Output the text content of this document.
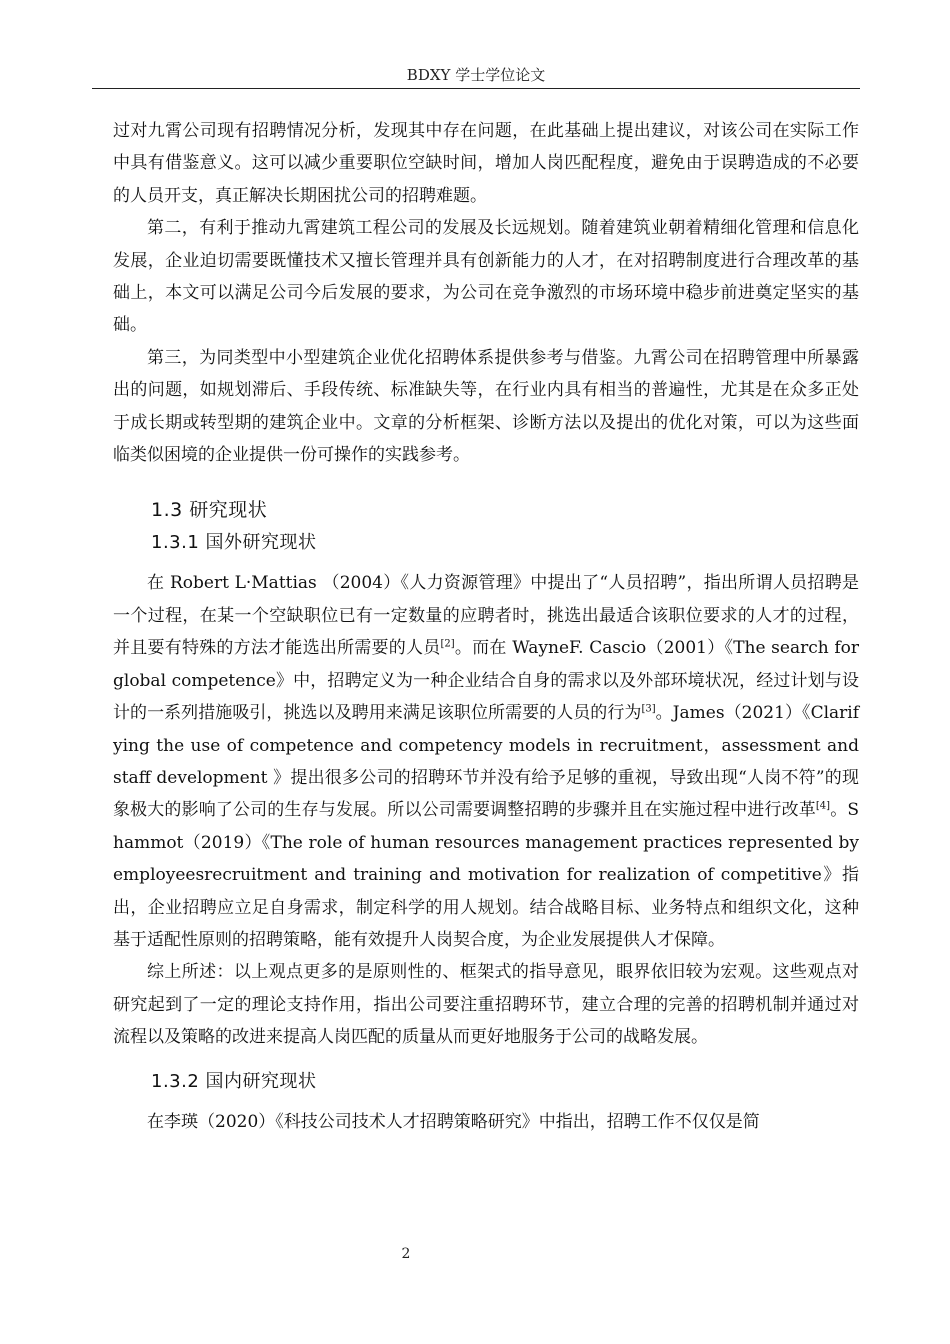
BDXY 学士学位论文

过对九霄公司现有招聘情况分析，发现其中存在问题，在此基础上提出建议，对该公司在实际工作中具有借鉴意义。这可以减少重要职位空缺时间，增加人岗匹配程度，避免由于误聘造成的不必要的人员开支，真正解决长期困扰公司的招聘难题。

第二，有利于推动九霄建筑工程公司的发展及长远规划。随着建筑业朝着精细化管理和信息化发展，企业迫切需要既懂技术又擅长管理并具有创新能力的人才，在对招聘制度进行合理改革的基础上，本文可以满足公司今后发展的要求，为公司在竞争激烈的市场环境中稳步前进奠定坚实的基础。

第三，为同类型中小型建筑企业优化招聘体系提供参考与借鉴。九霄公司在招聘管理中所暴露出的问题，如规划滞后、手段传统、标准缺失等，在行业内具有相当的普遍性，尤其是在众多正处于成长期或转型期的建筑企业中。文章的分析框架、诊断方法以及提出的优化对策，可以为这些面临类似困境的企业提供一份可操作的实践参考。

1.3 研究现状
1.3.1 国外研究现状

在 Robert L·Mattias （2004）《人力资源管理》中提出了“人员招聘”，指出所谓人员招聘是一个过程，在某一个空缺职位已有一定数量的应聘者时，挑选出最适合该职位要求的人才的过程，并且要有特殊的方法才能选出所需要的人员[2]。而在 WayneF. Cascio（2001）《The search for global competence》中，招聘定义为一种企业结合自身的需求以及外部环境状况，经过计划与设计的一系列措施吸引，挑选以及聘用来满足该职位所需要的人员的行为[3]。James（2021）《Clarifying the use of competence and competency models in recruitment，assessment and staff development 》提出很多公司的招聘环节并没有给予足够的重视，导致出现“人岗不符”的现象极大的影响了公司的生存与发展。所以公司需要调整招聘的步骤并且在实施过程中进行改革[4]。Shammot（2019）《The role of human resources management practices represented by employeesrecruitment and training and motivation for realization of competitive》指出，企业招聘应立足自身需求，制定科学的用人规划。结合战略目标、业务特点和组织文化，这种基于适配性原则的招聘策略，能有效提升人岗契合度，为企业发展提供人才保障。

综上所述：以上观点更多的是原则性的、框架式的指导意见，眼界依旧较为宏观。这些观点对研究起到了一定的理论支持作用，指出公司要注重招聘环节，建立合理的完善的招聘机制并通过对流程以及策略的改进来提高人岗匹配的质量从而更好地服务于公司的战略发展。

1.3.2 国内研究现状

在李瑛（2020）《科技公司技术人才招聘策略研究》中指出，招聘工作不仅仅是简

2
